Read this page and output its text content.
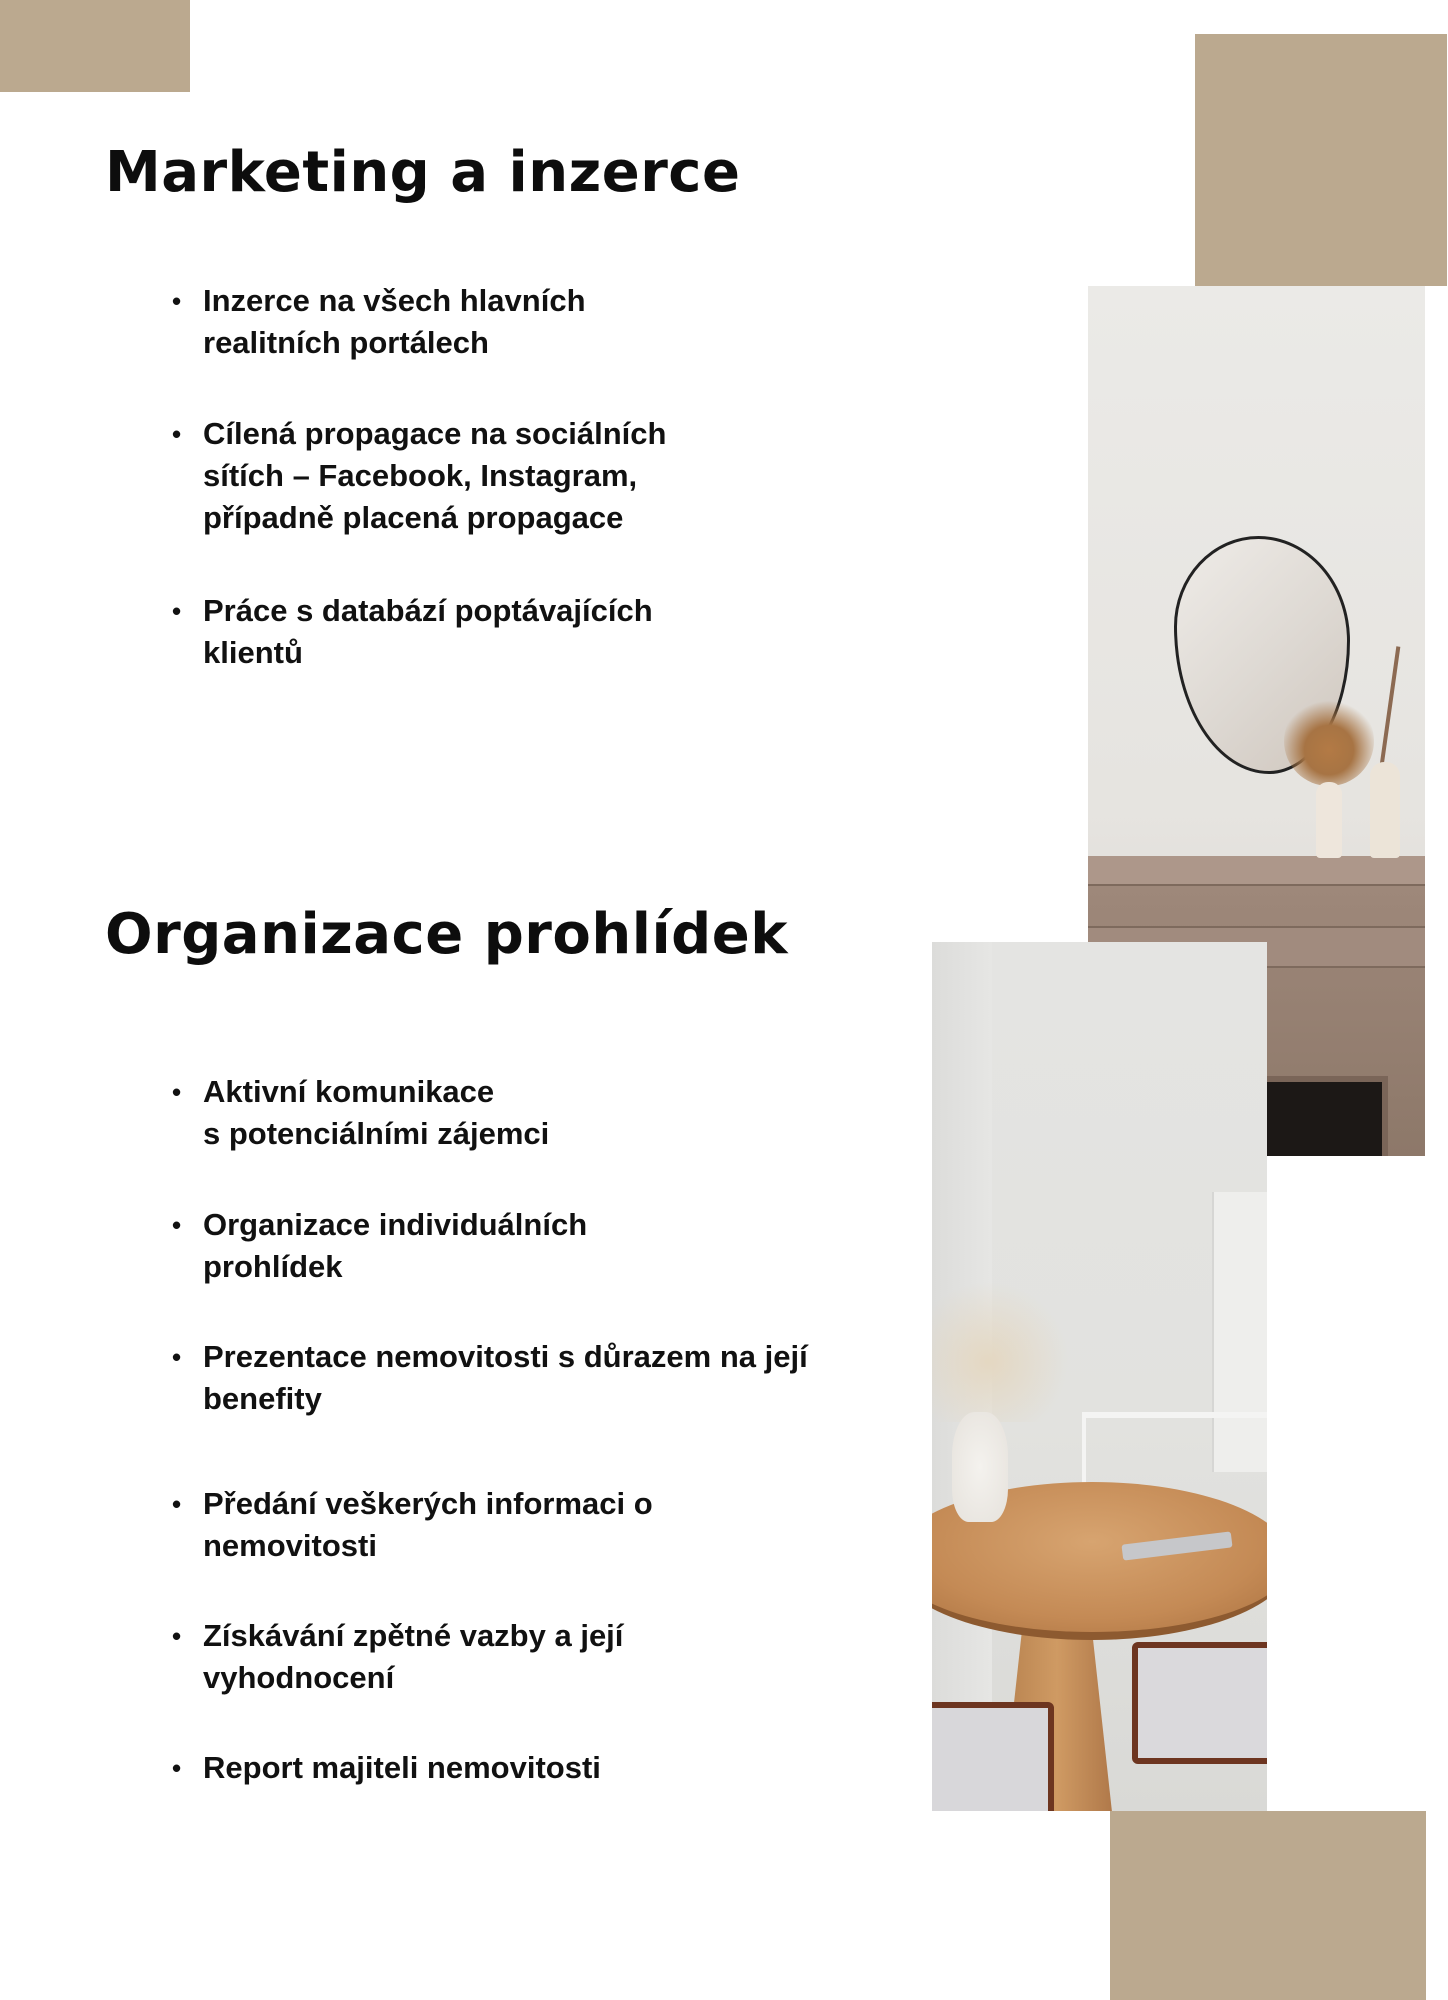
Marketing a inzerce
• Inzerce na všech hlavních
realitních portálech
• Cílená propagace na sociálních
sítích – Facebook, Instagram,
případně placená propagace
• Práce s databází poptávajících
klientů
Organizace prohlídek
• Aktivní komunikace
s potenciálními zájemci
• Organizace individuálních
prohlídek
• Prezentace nemovitosti s důrazem na její
benefity
• Předání veškerých informaci o
nemovitosti
• Získávání zpětné vazby a její
vyhodnocení
• Report majiteli nemovitosti
